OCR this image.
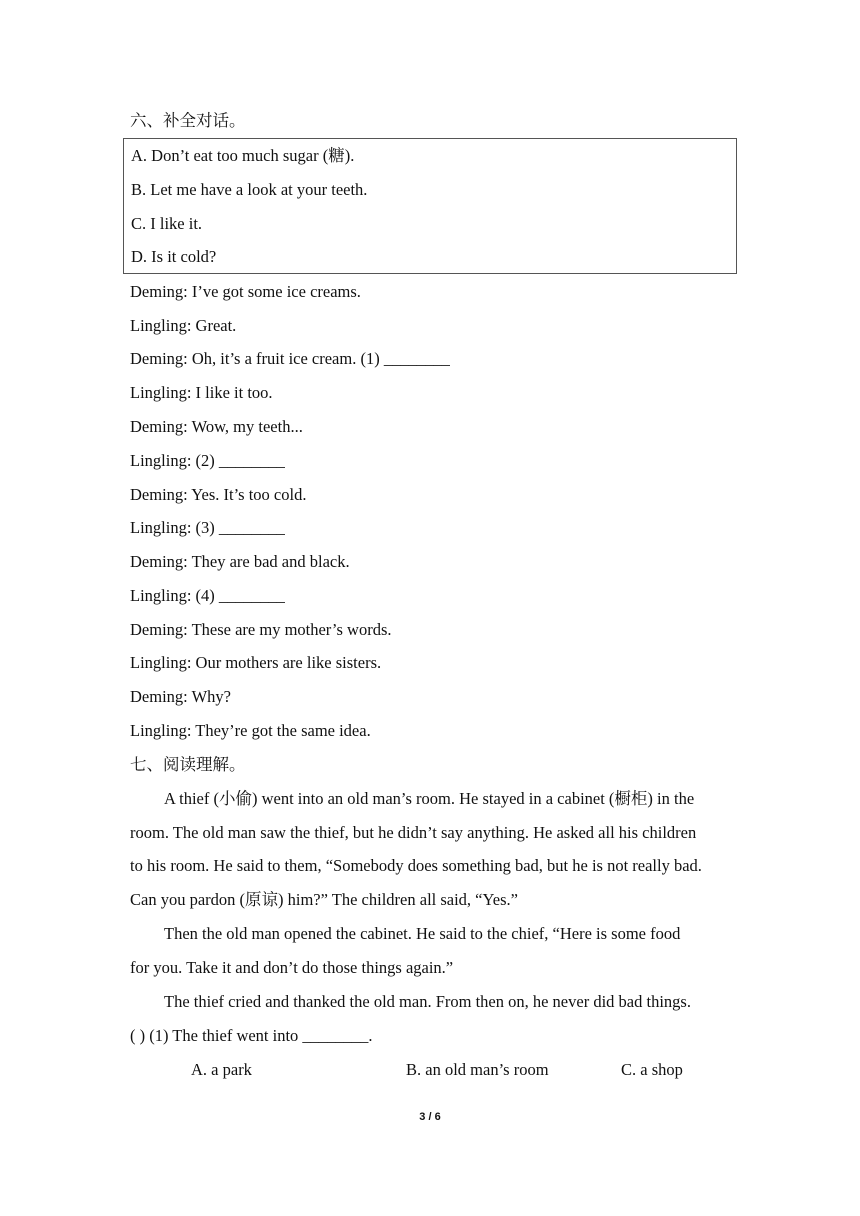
六、补全对话。
A. Don’t eat too much sugar (糖).
B. Let me have a look at your teeth.
C. I like it.
D. Is it cold?
Deming: I’ve got some ice creams.
Lingling: Great.
Deming: Oh, it’s a fruit ice cream. (1) ________
Lingling: I like it too.
Deming: Wow, my teeth...
Lingling: (2) ________
Deming: Yes. It’s too cold.
Lingling: (3) ________
Deming: They are bad and black.
Lingling: (4) ________
Deming: These are my mother’s words.
Lingling: Our mothers are like sisters.
Deming: Why?
Lingling: They’re got the same idea.
七、阅读理解。
A thief (小偷) went into an old man’s room. He stayed in a cabinet (橱柜) in the
room. The old man saw the thief, but he didn’t say anything. He asked all his children
to his room. He said to them, “Somebody does something bad, but he is not really bad.
Can you pardon (原谅) him?” The children all said, “Yes.”
Then the old man opened the cabinet. He said to the chief, “Here is some food
for you. Take it and don’t do those things again.”
The thief cried and thanked the old man. From then on, he never did bad things.
( ) (1) The thief went into ________.
A. a park	B. an old man’s room	C. a shop
3 / 6
